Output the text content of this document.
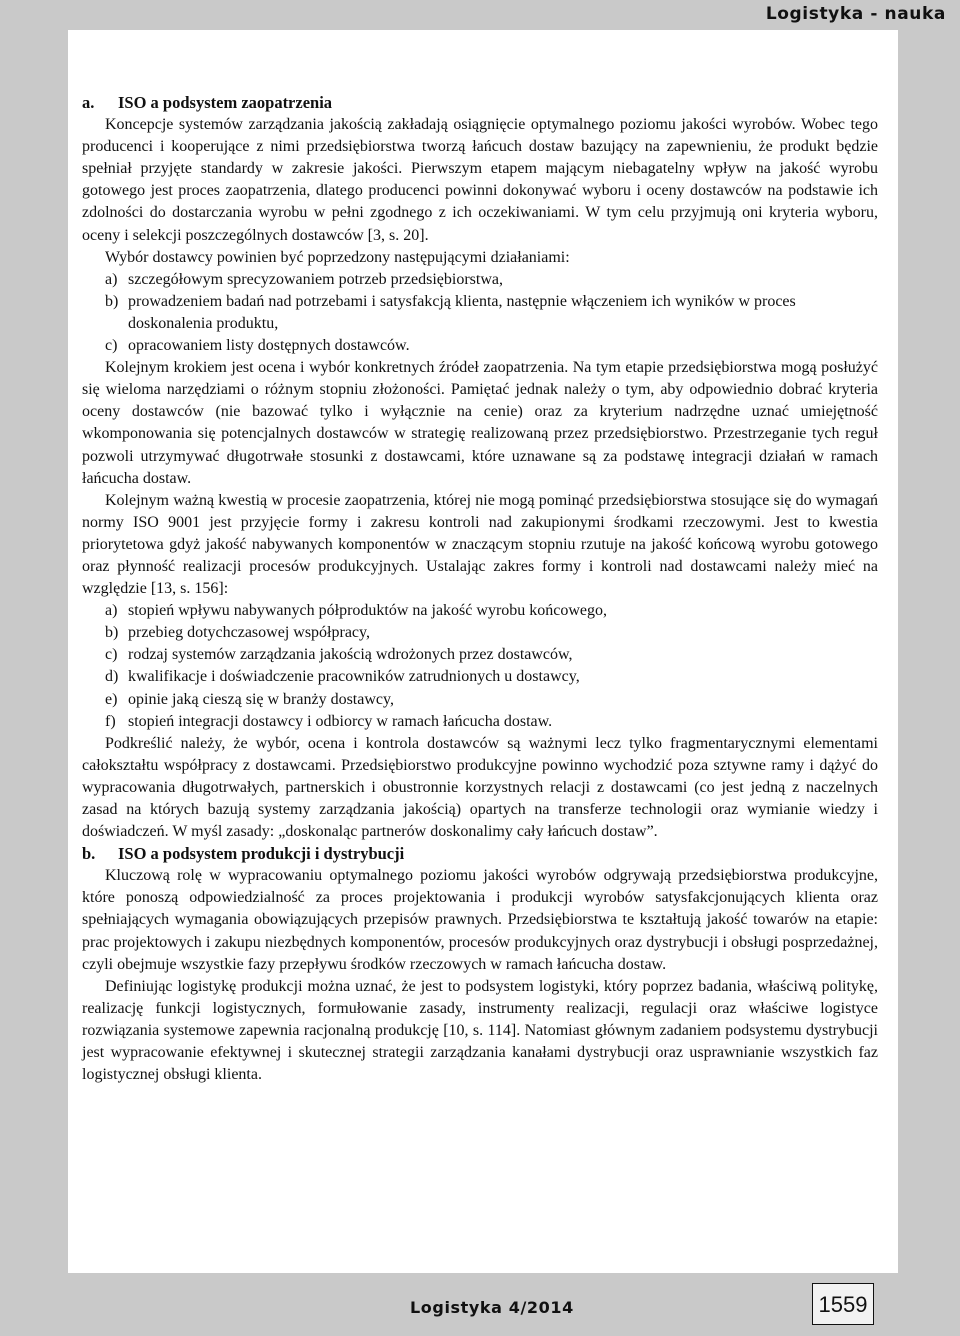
Logistyka - nauka

a. ISO a podsystem zaopatrzenia

Koncepcje systemów zarządzania jakością zakładają osiągnięcie optymalnego poziomu jakości wyrobów. Wobec tego producenci i kooperujące z nimi przedsiębiorstwa tworzą łańcuch dostaw bazujący na zapewnieniu, że produkt będzie spełniał przyjęte standardy w zakresie jakości. Pierwszym etapem mającym niebagatelny wpływ na jakość wyrobu gotowego jest proces zaopatrzenia, dlatego producenci powinni dokonywać wyboru i oceny dostawców na podstawie ich zdolności do dostarczania wyrobu w pełni zgodnego z ich oczekiwaniami. W tym celu przyjmują oni kryteria wyboru, oceny i selekcji poszczególnych dostawców [3, s. 20].

Wybór dostawcy powinien być poprzedzony następującymi działaniami:

a) szczegółowym sprecyzowaniem potrzeb przedsiębiorstwa,
b) prowadzeniem badań nad potrzebami i satysfakcją klienta, następnie włączeniem ich wyników w proces doskonalenia produktu,
c) opracowaniem listy dostępnych dostawców.

Kolejnym krokiem jest ocena i wybór konkretnych źródeł zaopatrzenia. Na tym etapie przedsiębiorstwa mogą posłużyć się wieloma narzędziami o różnym stopniu złożoności. Pamiętać jednak należy o tym, aby odpowiednio dobrać kryteria oceny dostawców (nie bazować tylko i wyłącznie na cenie) oraz za kryterium nadrzędne uznać umiejętność wkomponowania się potencjalnych dostawców w strategię realizowaną przez przedsiębiorstwo. Przestrzeganie tych reguł pozwoli utrzymywać długotrwałe stosunki z dostawcami, które uznawane są za podstawę integracji działań w ramach łańcucha dostaw.

Kolejnym ważną kwestią w procesie zaopatrzenia, której nie mogą pominąć przedsiębiorstwa stosujące się do wymagań normy ISO 9001 jest przyjęcie formy i zakresu kontroli nad zakupionymi środkami rzeczowymi. Jest to kwestia priorytetowa gdyż jakość nabywanych komponentów w znaczącym stopniu rzutuje na jakość końcową wyrobu gotowego oraz płynność realizacji procesów produkcyjnych. Ustalając zakres formy i kontroli nad dostawcami należy mieć na względzie [13, s. 156]:

a) stopień wpływu nabywanych półproduktów na jakość wyrobu końcowego,
b) przebieg dotychczasowej współpracy,
c) rodzaj systemów zarządzania jakością wdrożonych przez dostawców,
d) kwalifikacje i doświadczenie pracowników zatrudnionych u dostawcy,
e) opinie jaką cieszą się w branży dostawcy,
f) stopień integracji dostawcy i odbiorcy w ramach łańcucha dostaw.

Podkreślić należy, że wybór, ocena i kontrola dostawców są ważnymi lecz tylko fragmentarycznymi elementami całokształtu współpracy z dostawcami. Przedsiębiorstwo produkcyjne powinno wychodzić poza sztywne ramy i dążyć do wypracowania długotrwałych, partnerskich i obustronnie korzystnych relacji z dostawcami (co jest jedną z naczelnych zasad na których bazują systemy zarządzania jakością) opartych na transferze technologii oraz wymianie wiedzy i doświadczeń. W myśl zasady: „doskonaląc partnerów doskonalimy cały łańcuch dostaw”.

b. ISO a podsystem produkcji i dystrybucji

Kluczową rolę w wypracowaniu optymalnego poziomu jakości wyrobów odgrywają przedsiębiorstwa produkcyjne, które ponoszą odpowiedzialność za proces projektowania i produkcji wyrobów satysfakcjonujących klienta oraz spełniających wymagania obowiązujących przepisów prawnych. Przedsiębiorstwa te kształtują jakość towarów na etapie: prac projektowych i zakupu niezbędnych komponentów, procesów produkcyjnych oraz dystrybucji i obsługi posprzedażnej, czyli obejmuje wszystkie fazy przepływu środków rzeczowych w ramach łańcucha dostaw.

Definiując logistykę produkcji można uznać, że jest to podsystem logistyki, który poprzez badania, właściwą politykę, realizację funkcji logistycznych, formułowanie zasady, instrumenty realizacji, regulacji oraz właściwe logistyce rozwiązania systemowe zapewnia racjonalną produkcję [10, s. 114]. Natomiast głównym zadaniem podsystemu dystrybucji jest wypracowanie efektywnej i skutecznej strategii zarządzania kanałami dystrybucji oraz usprawnianie wszystkich faz logistycznej obsługi klienta.

Logistyka 4/2014	1559
